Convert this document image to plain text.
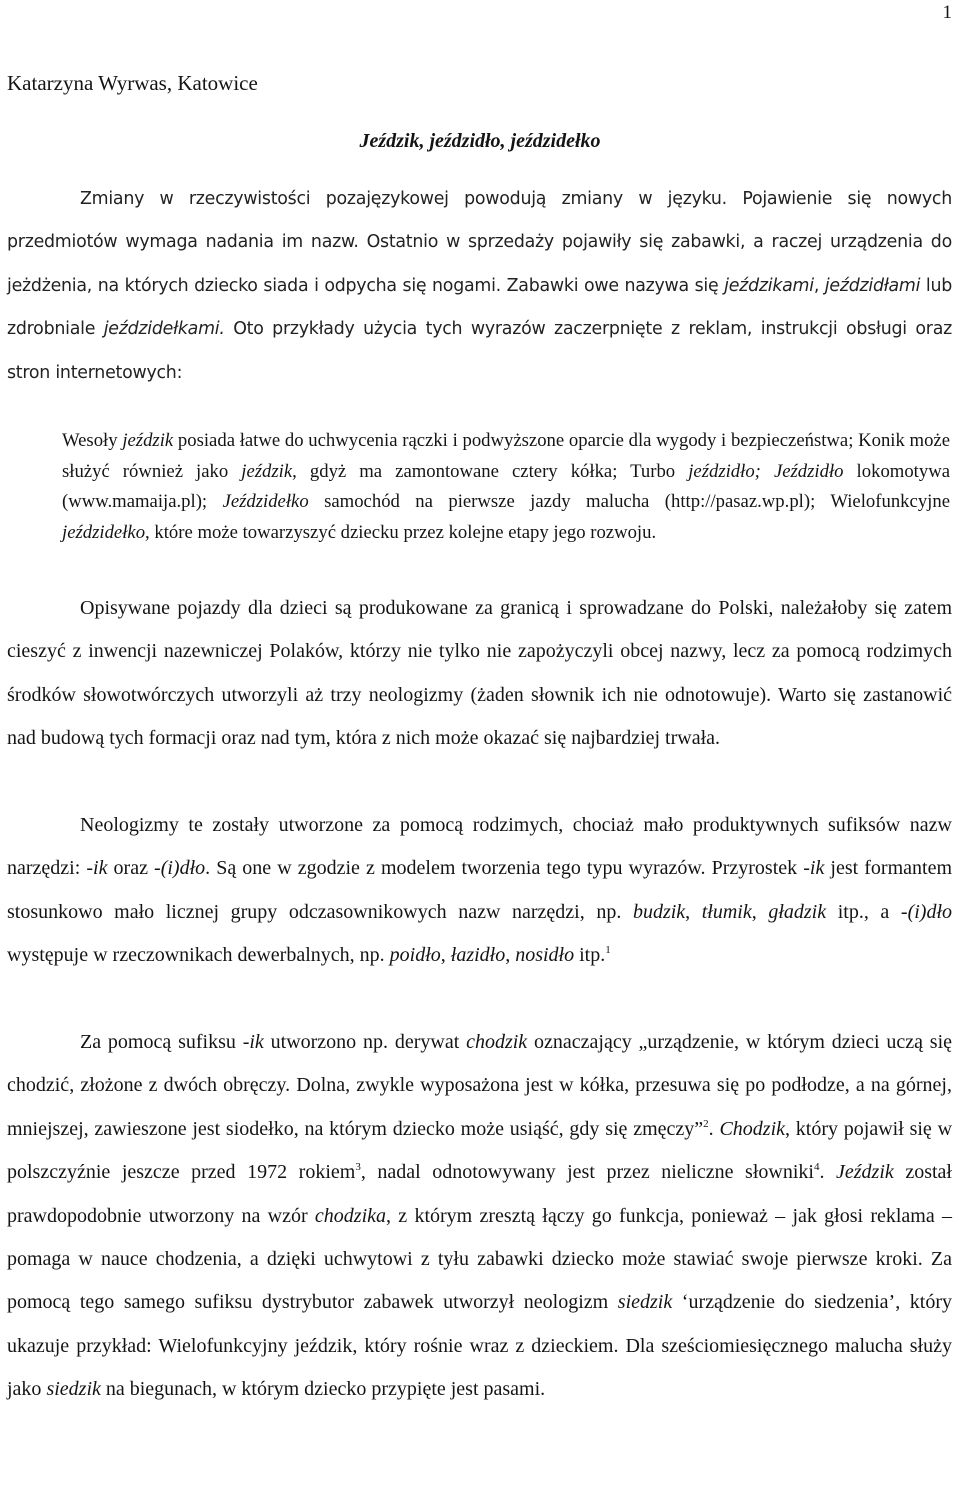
1
Katarzyna Wyrwas, Katowice
Jeździk, jeździdło, jeździdełko

Zmiany w rzeczywistości pozajęzykowej powodują zmiany w języku. Pojawienie się nowych przedmiotów wymaga nadania im nazw. Ostatnio w sprzedaży pojawiły się zabawki, a raczej urządzenia do jeżdżenia, na których dziecko siada i odpycha się nogami. Zabawki owe nazywa się jeździkami, jeździdłami lub zdrobniale jeździdełkami. Oto przykłady użycia tych wyrazów zaczerpnięte z reklam, instrukcji obsługi oraz stron internetowych:

Wesoły jeździk posiada łatwe do uchwycenia rączki i podwyższone oparcie dla wygody i bezpieczeństwa; Konik może służyć również jako jeździk, gdyż ma zamontowane cztery kółka; Turbo jeździdło; Jeździdło lokomotywa (www.mamaija.pl); Jeździdełko samochód na pierwsze jazdy malucha (http://pasaz.wp.pl); Wielofunkcyjne jeździdełko, które może towarzyszyć dziecku przez kolejne etapy jego rozwoju.

Opisywane pojazdy dla dzieci są produkowane za granicą i sprowadzane do Polski, należałoby się zatem cieszyć z inwencji nazewniczej Polaków, którzy nie tylko nie zapożyczyli obcej nazwy, lecz za pomocą rodzimych środków słowotwórczych utworzyli aż trzy neologizmy (żaden słownik ich nie odnotowuje). Warto się zastanowić nad budową tych formacji oraz nad tym, która z nich może okazać się najbardziej trwała.

Neologizmy te zostały utworzone za pomocą rodzimych, chociaż mało produktywnych sufiksów nazw narzędzi: -ik oraz -(i)dło. Są one w zgodzie z modelem tworzenia tego typu wyrazów. Przyrostek -ik jest formantem stosunkowo mało licznej grupy odczasownikowych nazw narzędzi, np. budzik, tłumik, gładzik itp., a -(i)dło występuje w rzeczownikach dewerbalnych, np. poidło, łazidło, nosidło itp.$^1$

Za pomocą sufiksu -ik utworzono np. derywat chodzik oznaczający „urządzenie, w którym dzieci uczą się chodzić, złożone z dwóch obręczy. Dolna, zwykle wyposażona jest w kółka, przesuwa się po podłodze, a na górnej, mniejszej, zawieszone jest siodełko, na którym dziecko może usiąść, gdy się zmęczy”$^2$. Chodzik, który pojawił się w polszczyźnie jeszcze przed 1972 rokiem$^3$, nadal odnotowywany jest przez nieliczne słowniki$^4$. Jeździk został prawdopodobnie utworzony na wzór chodzika, z którym zresztą łączy go funkcja, ponieważ – jak głosi reklama – pomaga w nauce chodzenia, a dzięki uchwytowi z tyłu zabawki dziecko może stawiać swoje pierwsze kroki. Za pomocą tego samego sufiksu dystrybutor zabawek utworzył neologizm siedzik ‘urządzenie do siedzenia’, który ukazuje przykład: Wielofunkcyjny jeździk, który rośnie wraz z dzieckiem. Dla sześciomiesięcznego malucha służy jako siedzik na biegunach, w którym dziecko przypięte jest pasami.
